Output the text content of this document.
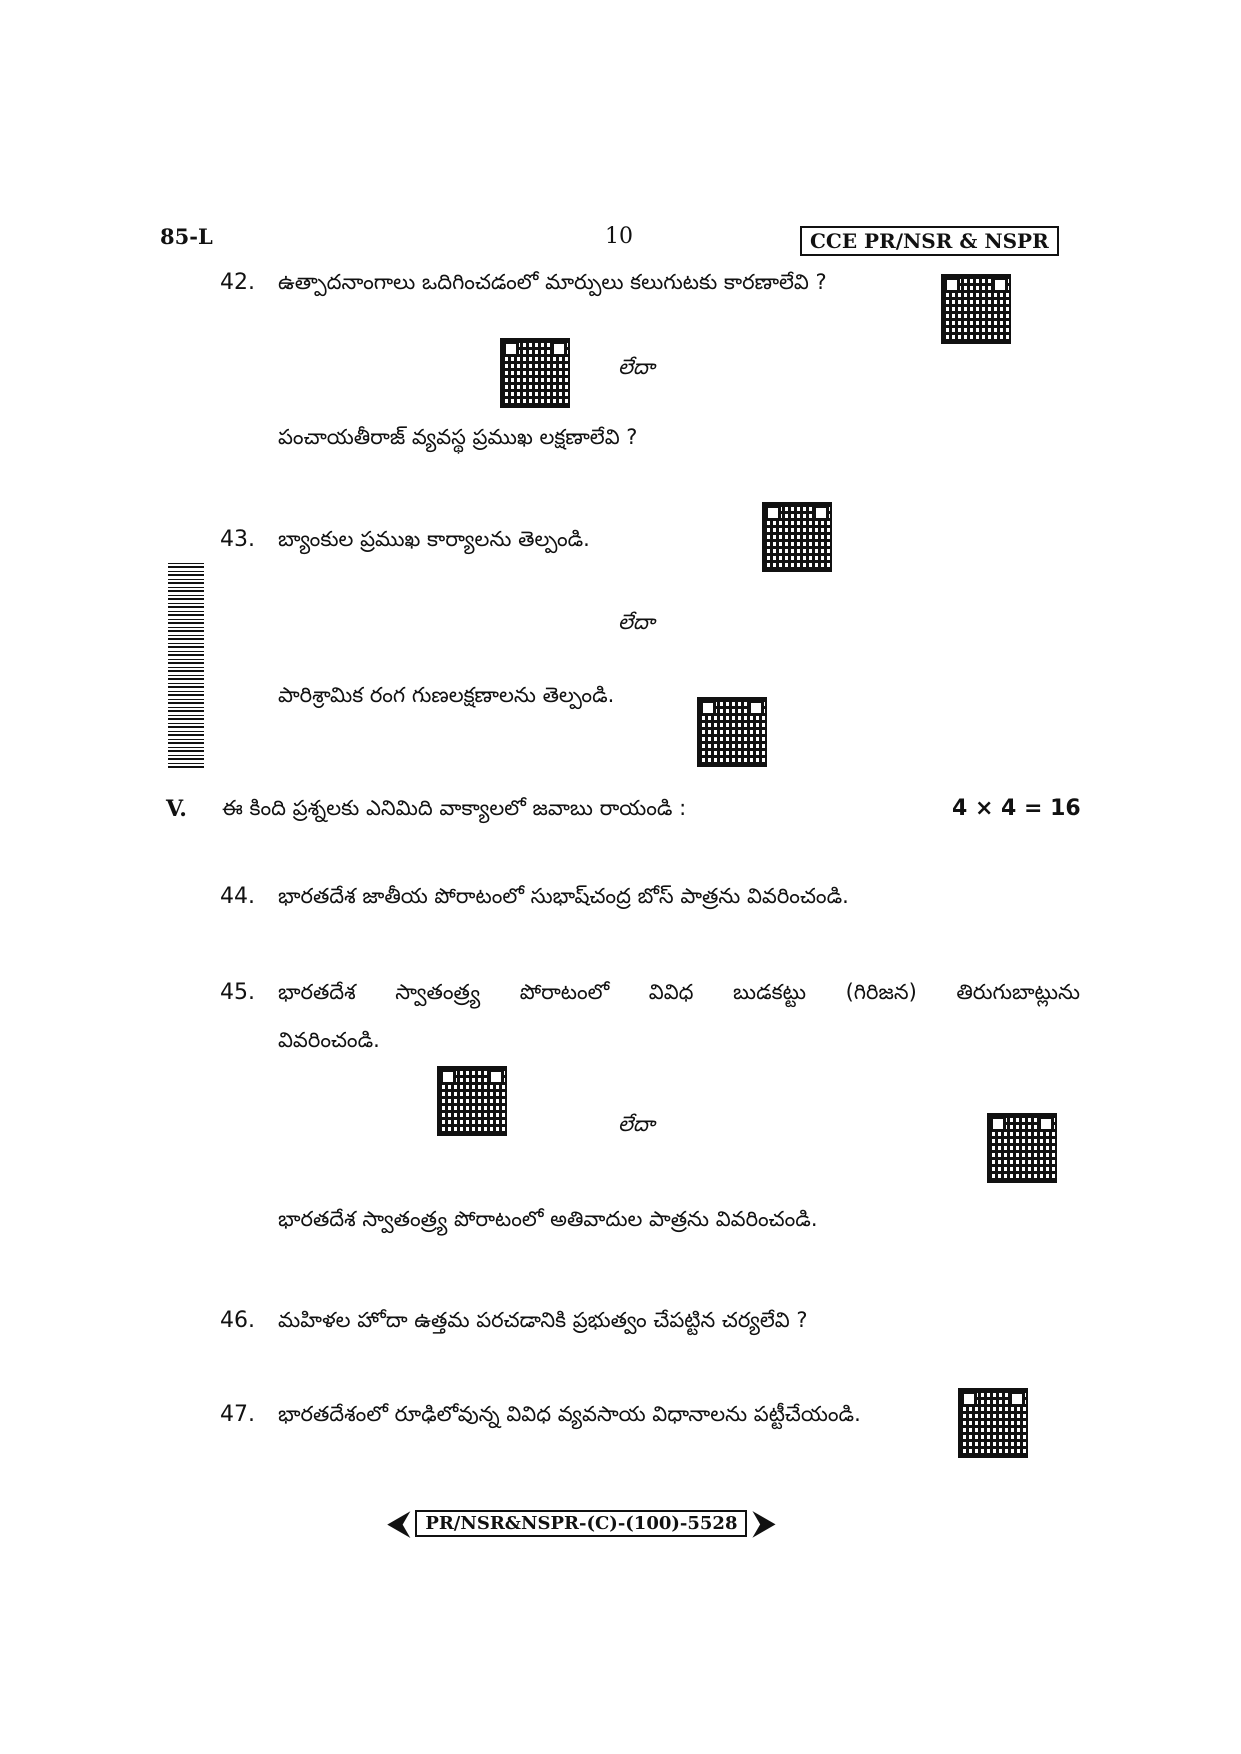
85-L	10	CCE PR/NSR & NSPR
42. ఉత్పాదనాంగాలు ఒదిగించడంలో మార్పులు కలుగుటకు కారణాలేవి ?
లేదా
పంచాయతీరాజ్ వ్యవస్థ ప్రముఖ లక్షణాలేవి ?
43. బ్యాంకుల ప్రముఖ కార్యాలను తెల్పండి.
లేదా
పారిశ్రామిక రంగ గుణలక్షణాలను తెల్పండి.
V. ఈ కింది ప్రశ్నలకు ఎనిమిది వాక్యాలలో జవాబు రాయండి :	4 × 4 = 16
44. భారతదేశ జాతీయ పోరాటంలో సుభాష్‌చంద్ర బోస్ పాత్రను వివరించండి.
45. భారతదేశ స్వాతంత్ర్య పోరాటంలో వివిధ బుడకట్టు (గిరిజన) తిరుగుబాట్లును
వివరించండి.
లేదా
భారతదేశ స్వాతంత్ర్య పోరాటంలో అతివాదుల పాత్రను వివరించండి.
46. మహిళల హోదా ఉత్తమ పరచడానికి ప్రభుత్వం చేపట్టిన చర్యలేవి ?
47. భారతదేశంలో రూఢిలోవున్న వివిధ వ్యవసాయ విధానాలను పట్టీచేయండి.
⮜ PR/NSR&NSPR-(C)-(100)-5528 ⮞
